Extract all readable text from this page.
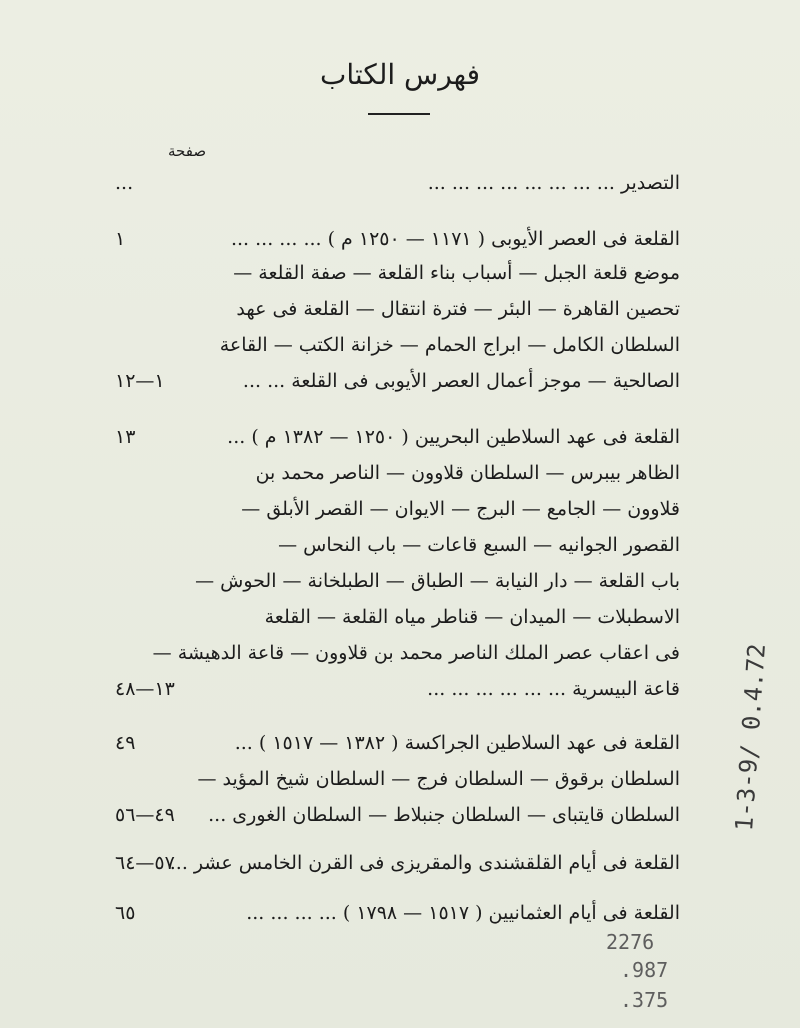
فهرس الكتاب
صفحة
التصدير ... ... ... ... ... ... ... ...
...
القلعة فى العصر الأيوبى ( ١١٧١ — ١٢٥٠ م ) ... ... ... ...
١
موضع قلعة الجبل — أسباب بناء القلعة — صفة القلعة —
تحصين القاهرة — البئر — فترة انتقال — القلعة فى عهد
السلطان الكامل — ابراج الحمام — خزانة الكتب — القاعة
الصالحية — موجز أعمال العصر الأيوبى فى القلعة ... ...
١—١٢
القلعة فى عهد السلاطين البحريين ( ١٢٥٠ — ١٣٨٢ م ) ...
١٣
الظاهر بيبرس — السلطان قلاوون — الناصر محمد بن
قلاوون — الجامع — البرج — الايوان — القصر الأبلق —
القصور الجوانيه — السبع قاعات — باب النحاس —
باب القلعة — دار النيابة — الطباق — الطبلخانة — الحوش —
الاسطبلات — الميدان — قناطر مياه القلعة — القلعة
فى اعقاب عصر الملك الناصر محمد بن قلاوون — قاعة الدهيشة —
قاعة البيسرية ... ... ... ... ... ...
١٣—٤٨
القلعة فى عهد السلاطين الجراكسة ( ١٣٨٢ — ١٥١٧ ) ...
٤٩
السلطان برقوق — السلطان فرج — السلطان شيخ المؤيد —
السلطان قايتباى — السلطان جنبلاط — السلطان الغورى ...
٤٩—٥٦
القلعة فى أيام القلقشندى والمقريزى فى القرن الخامس عشر ...
٥٧—٦٤
القلعة فى أيام العثمانيين ( ١٥١٧ — ١٧٩٨ ) ... ... ... ...
٦٥
2276
.987
.375
1-3-9/ 0.4.72
